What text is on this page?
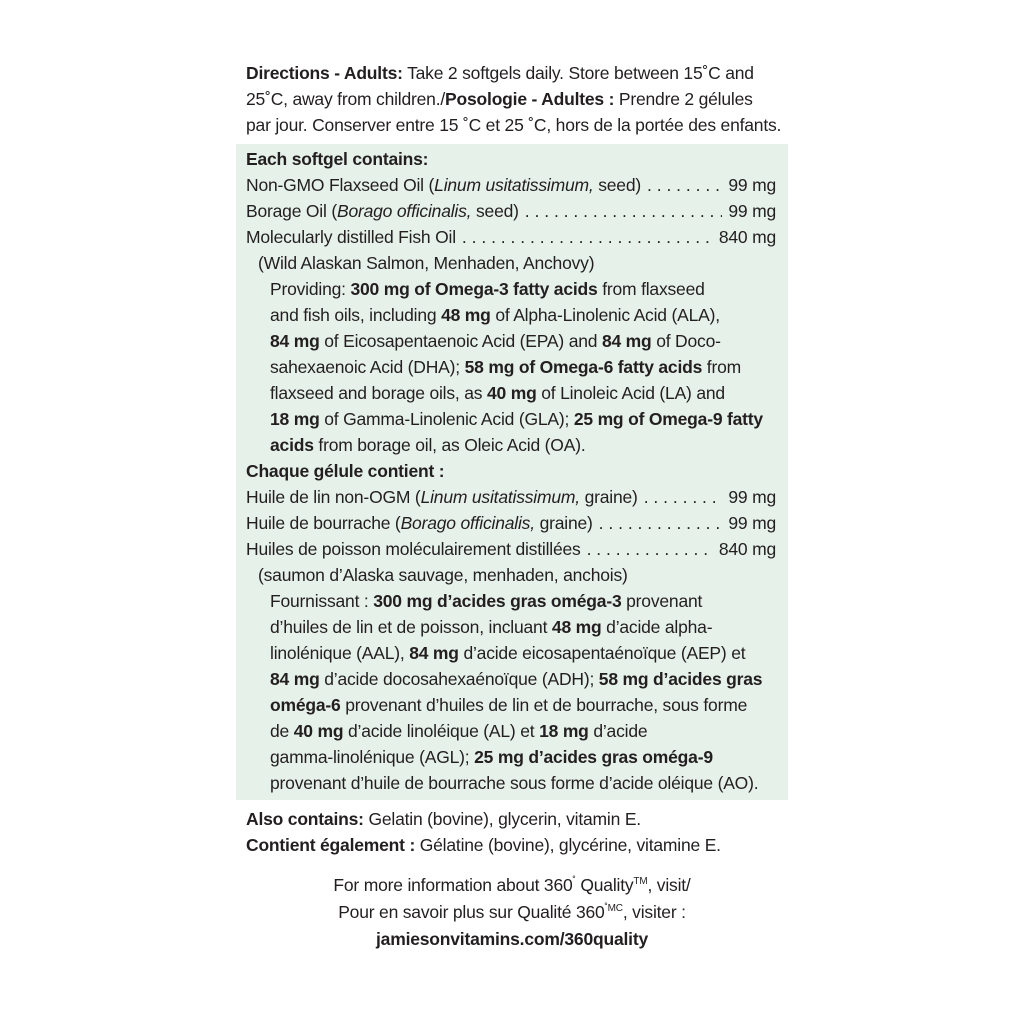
Directions - Adults: Take 2 softgels daily. Store between 15˚C and
25˚C, away from children./Posologie - Adultes : Prendre 2 gélules
par jour. Conserver entre 15 ˚C et 25 ˚C, hors de la portée des enfants.
Each softgel contains:
Non-GMO Flaxseed Oil (Linum usitatissimum, seed) . . .	99 mg
Borage Oil (Borago officinalis, seed) . . .	99 mg
Molecularly distilled Fish Oil . . .	840 mg
(Wild Alaskan Salmon, Menhaden, Anchovy)
Providing: 300 mg of Omega-3 fatty acids from flaxseed
and fish oils, including 48 mg of Alpha-Linolenic Acid (ALA),
84 mg of Eicosapentaenoic Acid (EPA) and 84 mg of Doco-
sahexaenoic Acid (DHA); 58 mg of Omega-6 fatty acids from
flaxseed and borage oils, as 40 mg of Linoleic Acid (LA) and
18 mg of Gamma-Linolenic Acid (GLA); 25 mg of Omega-9 fatty
acids from borage oil, as Oleic Acid (OA).
Chaque gélule contient :
Huile de lin non-OGM (Linum usitatissimum, graine) . . .	99 mg
Huile de bourrache (Borago officinalis, graine) . . .	99 mg
Huiles de poisson moléculairement distillées . . .	840 mg
(saumon d’Alaska sauvage, menhaden, anchois)
Fournissant : 300 mg d’acides gras oméga-3 provenant
d’huiles de lin et de poisson, incluant 48 mg d’acide alpha-
linolénique (AAL), 84 mg d’acide eicosapentaénoïque (AEP) et
84 mg d’acide docosahexaénoïque (ADH); 58 mg d’acides gras
oméga-6 provenant d’huiles de lin et de bourrache, sous forme
de 40 mg d’acide linoléique (AL) et 18 mg d’acide
gamma-linolénique (AGL); 25 mg d’acides gras oméga-9
provenant d’huile de bourrache sous forme d’acide oléique (AO).
Also contains: Gelatin (bovine), glycerin, vitamin E.
Contient également : Gélatine (bovine), glycérine, vitamine E.
For more information about 360˚ Quality™, visit/
Pour en savoir plus sur Qualité $360^{˚MC}$, visiter :
jamiesonvitamins.com/360quality
